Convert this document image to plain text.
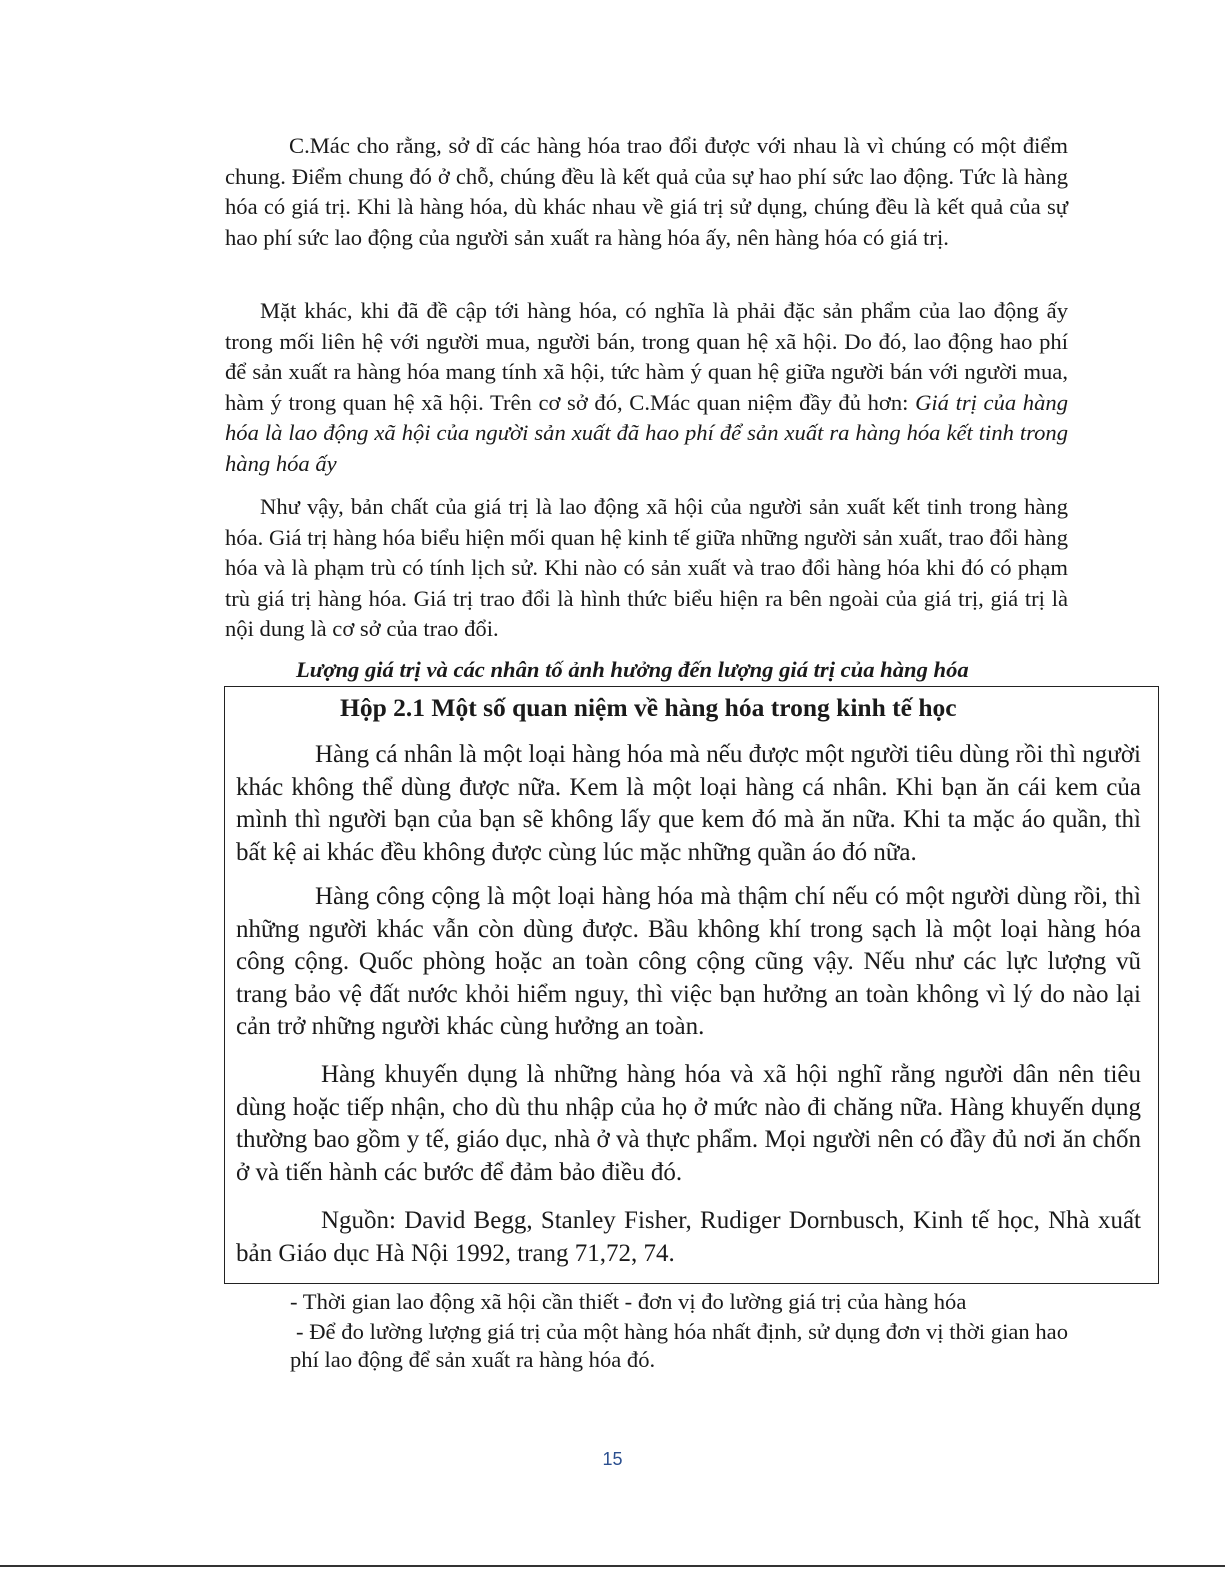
C.Mác cho rằng, sở dĩ các hàng hóa trao đổi được với nhau là vì chúng có một điểm chung. Điểm chung đó ở chỗ, chúng đều là kết quả của sự hao phí sức lao động. Tức là hàng hóa có giá trị. Khi là hàng hóa, dù khác nhau về giá trị sử dụng, chúng đều là kết quả của sự hao phí sức lao động của người sản xuất ra hàng hóa ấy, nên hàng hóa có giá trị.

Mặt khác, khi đã đề cập tới hàng hóa, có nghĩa là phải đặc sản phẩm của lao động ấy trong mối liên hệ với người mua, người bán, trong quan hệ xã hội. Do đó, lao động hao phí để sản xuất ra hàng hóa mang tính xã hội, tức hàm ý quan hệ giữa người bán với người mua, hàm ý trong quan hệ xã hội. Trên cơ sở đó, C.Mác quan niệm đầy đủ hơn: Giá trị của hàng hóa là lao động xã hội của người sản xuất đã hao phí để sản xuất ra hàng hóa kết tinh trong hàng hóa ấy

Như vậy, bản chất của giá trị là lao động xã hội của người sản xuất kết tinh trong hàng hóa. Giá trị hàng hóa biểu hiện mối quan hệ kinh tế giữa những người sản xuất, trao đổi hàng hóa và là phạm trù có tính lịch sử. Khi nào có sản xuất và trao đổi hàng hóa khi đó có phạm trù giá trị hàng hóa. Giá trị trao đổi là hình thức biểu hiện ra bên ngoài của giá trị, giá trị là nội dung là cơ sở của trao đổi.

Lượng giá trị và các nhân tố ảnh hưởng đến lượng giá trị của hàng hóa

Hộp 2.1 Một số quan niệm về hàng hóa trong kinh tế học

Hàng cá nhân là một loại hàng hóa mà nếu được một người tiêu dùng rồi thì người khác không thể dùng được nữa. Kem là một loại hàng cá nhân. Khi bạn ăn cái kem của mình thì người bạn của bạn sẽ không lấy que kem đó mà ăn nữa. Khi ta mặc áo quần, thì bất kệ ai khác đều không được cùng lúc mặc những quần áo đó nữa.

Hàng công cộng là một loại hàng hóa mà thậm chí nếu có một người dùng rồi, thì những người khác vẫn còn dùng được. Bầu không khí trong sạch là một loại hàng hóa công cộng. Quốc phòng hoặc an toàn công cộng cũng vậy. Nếu như các lực lượng vũ trang bảo vệ đất nước khỏi hiểm nguy, thì việc bạn hưởng an toàn không vì lý do nào lại cản trở những người khác cùng hưởng an toàn.

Hàng khuyến dụng là những hàng hóa và xã hội nghĩ rằng người dân nên tiêu dùng hoặc tiếp nhận, cho dù thu nhập của họ ở mức nào đi chăng nữa. Hàng khuyến dụng thường bao gồm y tế, giáo dục, nhà ở và thực phẩm. Mọi người nên có đầy đủ nơi ăn chốn ở và tiến hành các bước để đảm bảo điều đó.

Nguồn: David Begg, Stanley Fisher, Rudiger Dornbusch, Kinh tế học, Nhà xuất bản Giáo dục Hà Nội 1992, trang 71,72, 74.

- Thời gian lao động xã hội cần thiết - đơn vị đo lường giá trị của hàng hóa

- Để đo lường lượng giá trị của một hàng hóa nhất định, sử dụng đơn vị thời gian hao phí lao động để sản xuất ra hàng hóa đó.

15
